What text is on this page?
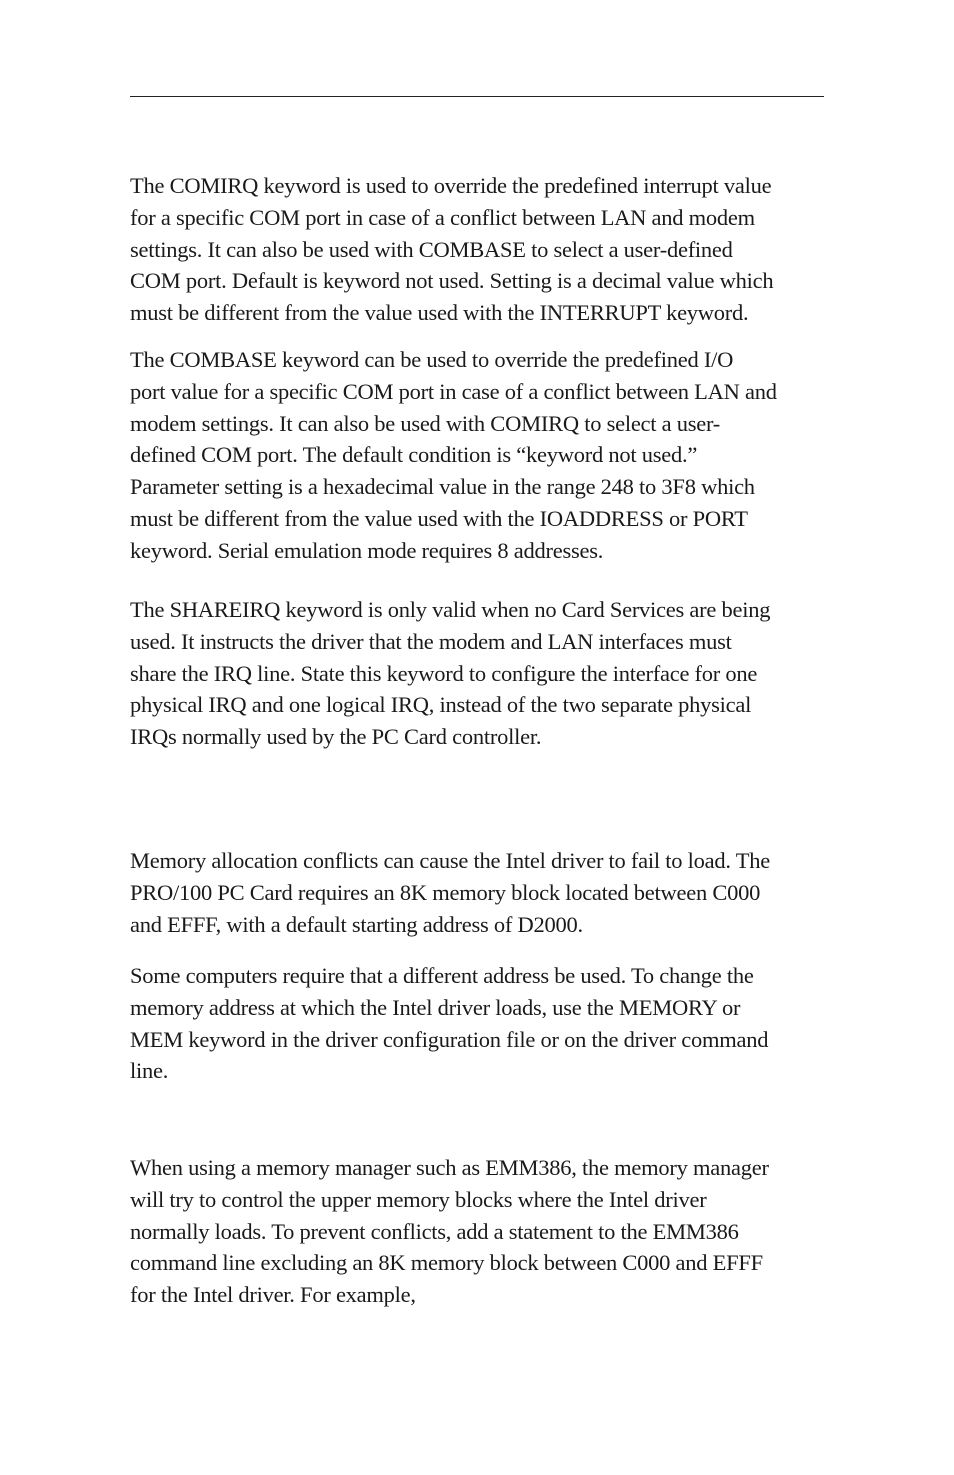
The COMIRQ keyword is used to override the predefined interrupt value
for a specific COM port in case of a conflict between LAN and modem
settings. It can also be used with COMBASE to select a user-defined
COM port. Default is keyword not used. Setting is a decimal value which
must be different from the value used with the INTERRUPT keyword.

The COMBASE keyword can be used to override the predefined I/O
port value for a specific COM port in case of a conflict between LAN and
modem settings. It can also be used with COMIRQ to select a user-
defined COM port. The default condition is “keyword not used.”
Parameter setting is a hexadecimal value in the range 248 to 3F8 which
must be different from the value used with the IOADDRESS or PORT
keyword. Serial emulation mode requires 8 addresses.

The SHAREIRQ keyword is only valid when no Card Services are being
used. It instructs the driver that the modem and LAN interfaces must
share the IRQ line. State this keyword to configure the interface for one
physical IRQ and one logical IRQ, instead of the two separate physical
IRQs normally used by the PC Card controller.

Memory allocation conflicts can cause the Intel driver to fail to load. The
PRO/100 PC Card requires an 8K memory block located between C000
and EFFF, with a default starting address of D2000.

Some computers require that a different address be used. To change the
memory address at which the Intel driver loads, use the MEMORY or
MEM keyword in the driver configuration file or on the driver command
line.

When using a memory manager such as EMM386, the memory manager
will try to control the upper memory blocks where the Intel driver
normally loads. To prevent conflicts, add a statement to the EMM386
command line excluding an 8K memory block between C000 and EFFF
for the Intel driver. For example,
